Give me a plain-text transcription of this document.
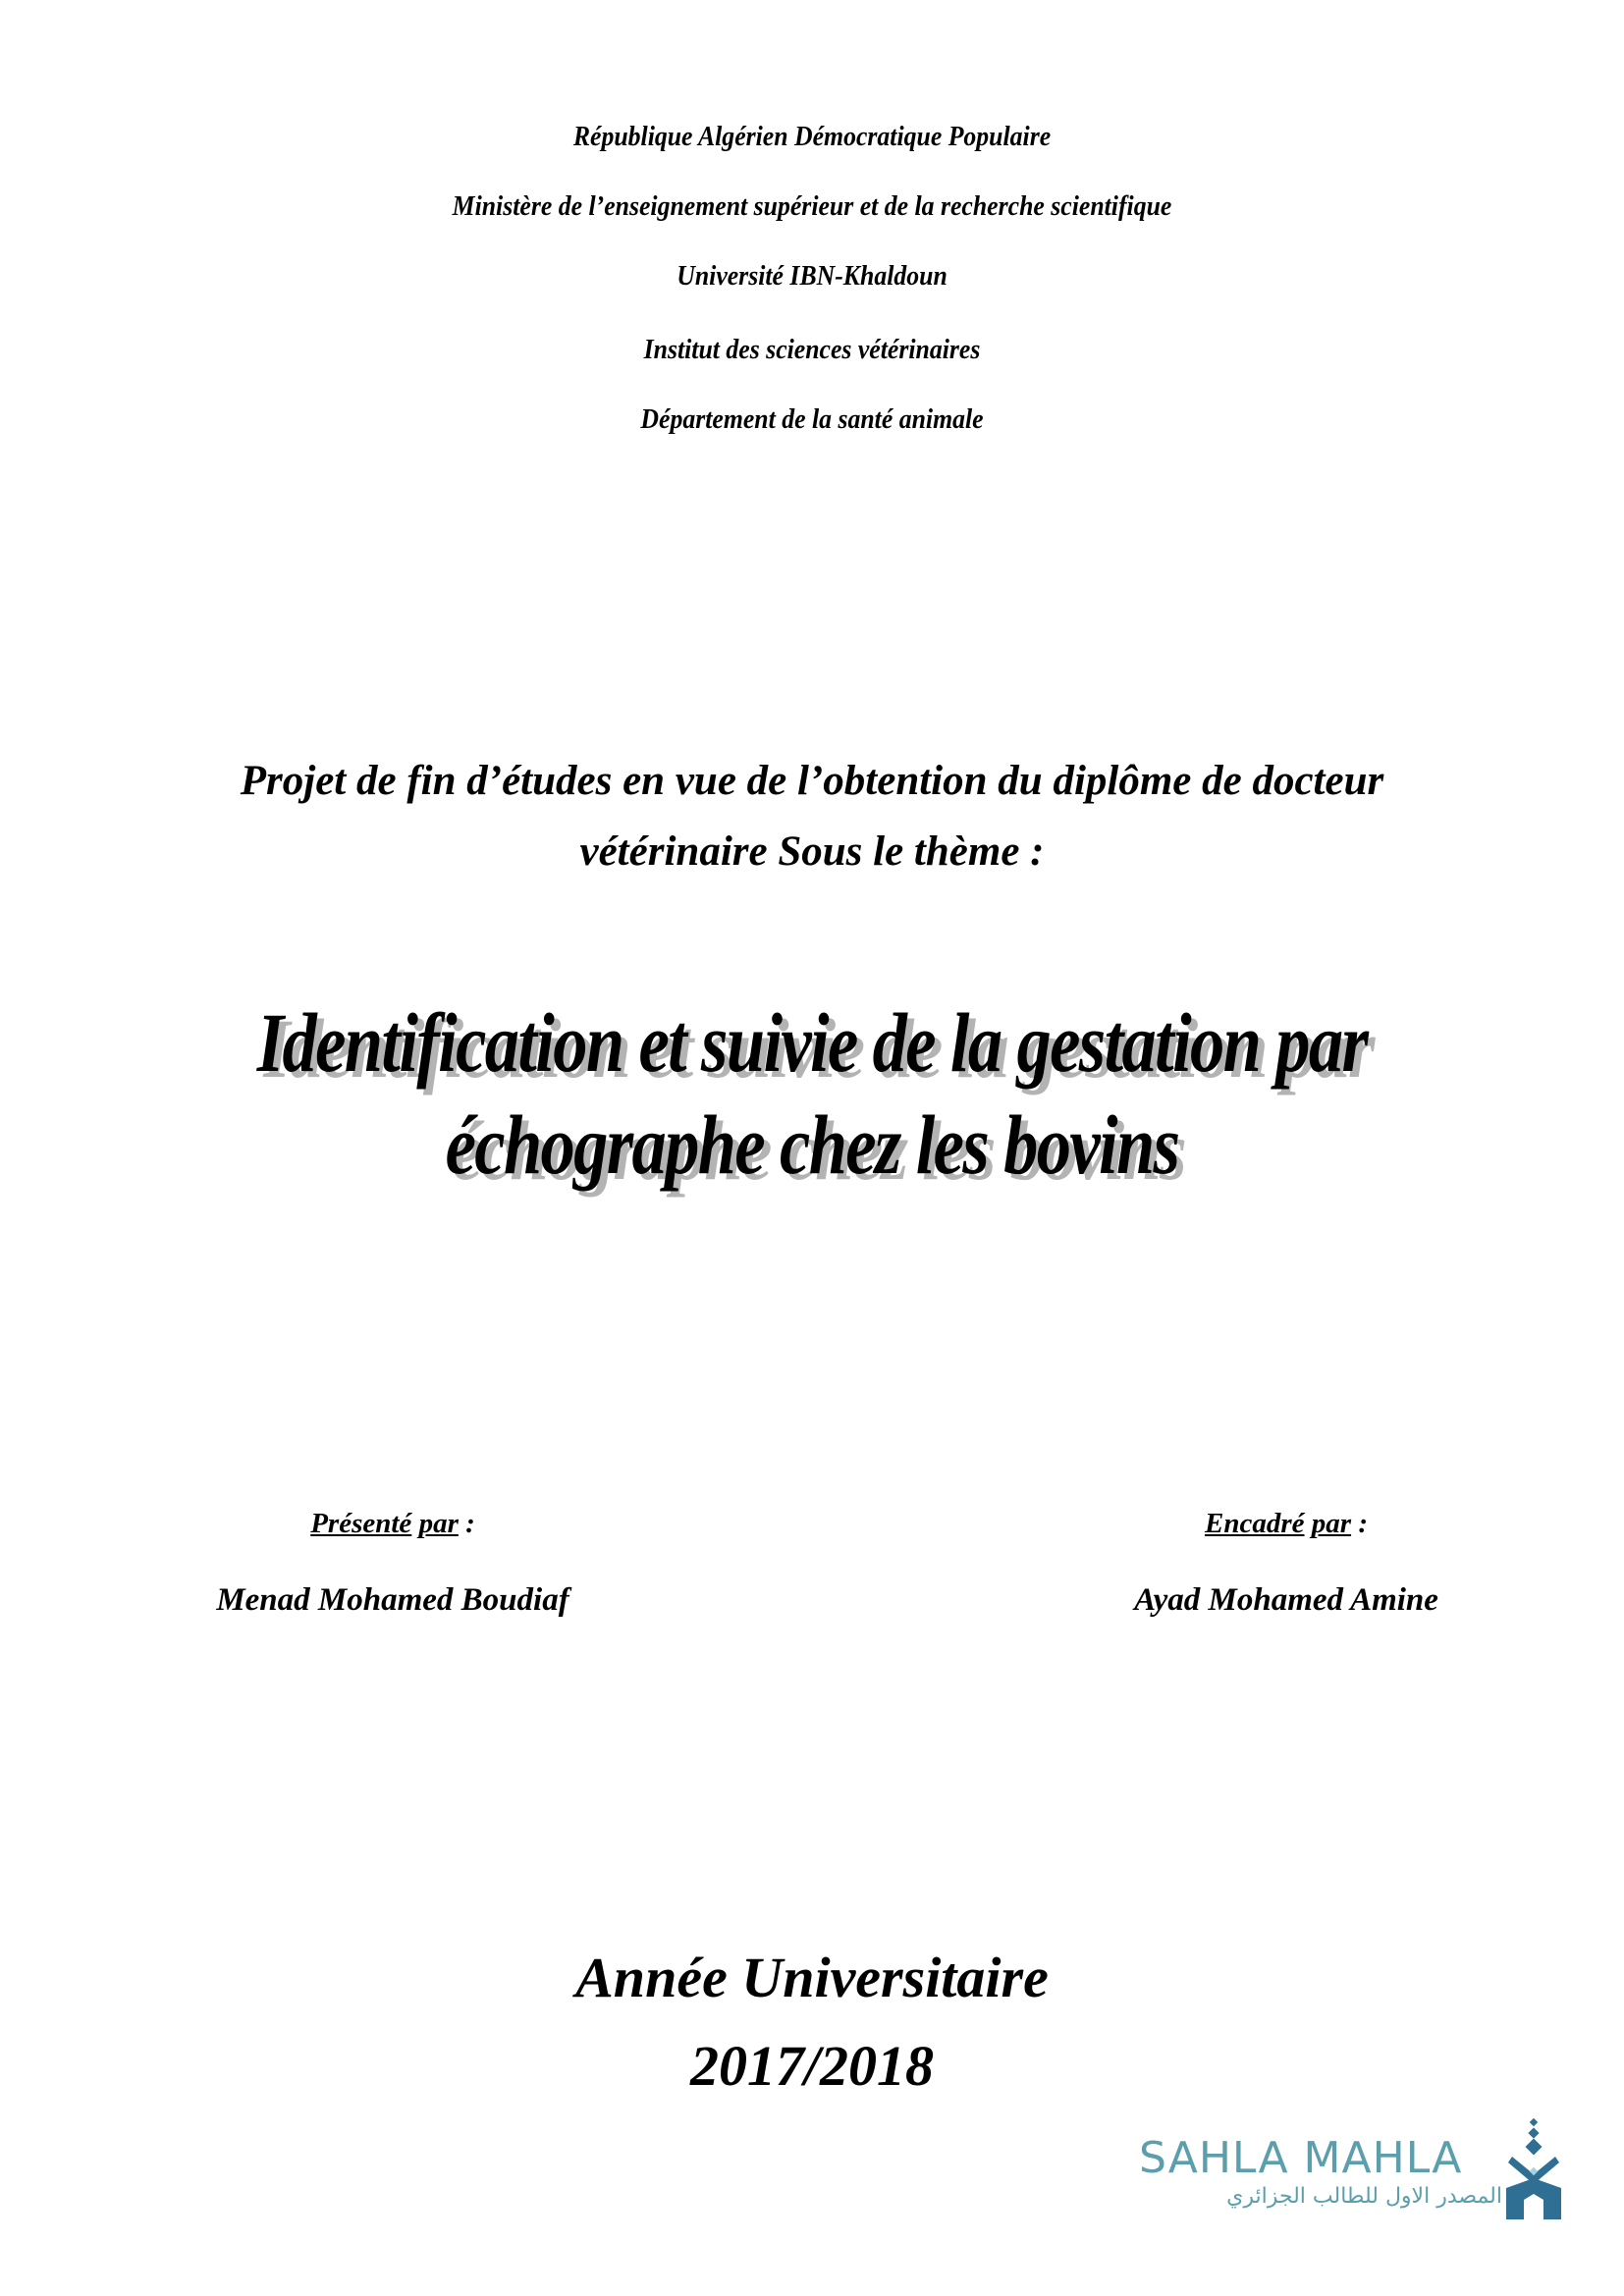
République Algérien Démocratique Populaire
Ministère de l’enseignement supérieur et de la recherche scientifique
Université IBN-Khaldoun
Institut des sciences vétérinaires
Département de la santé animale
Projet de fin d’études en vue de l’obtention du diplôme de docteur
vétérinaire Sous le thème :
Identification et suivie de la gestation par
échographe chez les bovins
Présenté par :
Menad Mohamed Boudiaf
Encadré par :
Ayad Mohamed Amine
Année Universitaire
2017/2018
SAHLA MAHLA
المصدر الاول للطالب الجزائري
